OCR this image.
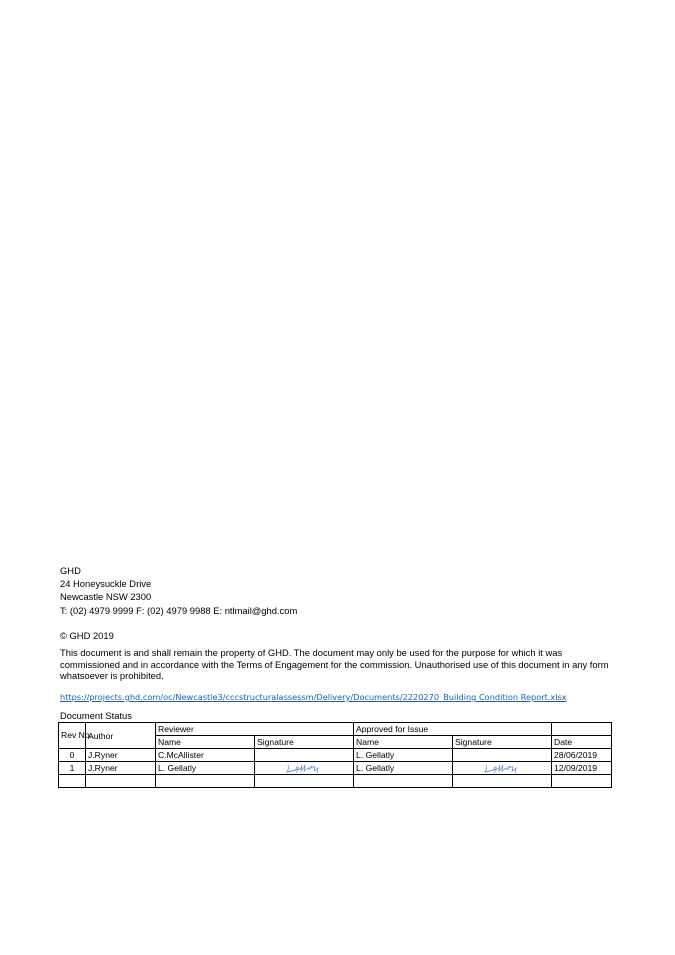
GHD
24 Honeysuckle Drive
Newcastle NSW 2300
T: (02) 4979 9999 F: (02) 4979 9988 E: ntlmail@ghd.com
© GHD 2019
This document is and shall remain the property of GHD. The document may only be used for the purpose for which it was commissioned and in accordance with the Terms of Engagement for the commission. Unauthorised use of this document in any form whatsoever is prohibited.
https://projects.ghd.com/oc/Newcastle3/cccstructuralassessm/Delivery/Documents/2220270_Building Condition Report.xlsx
Document Status
Rev No.	Author	Reviewer		Approved for Issue		
		Name	Signature	Name	Signature	Date
0	J.Ryner	C.McAllister		L. Gellatly		28/06/2019
1	J.Ryner	L. Gellatly		L. Gellatly		12/09/2019
